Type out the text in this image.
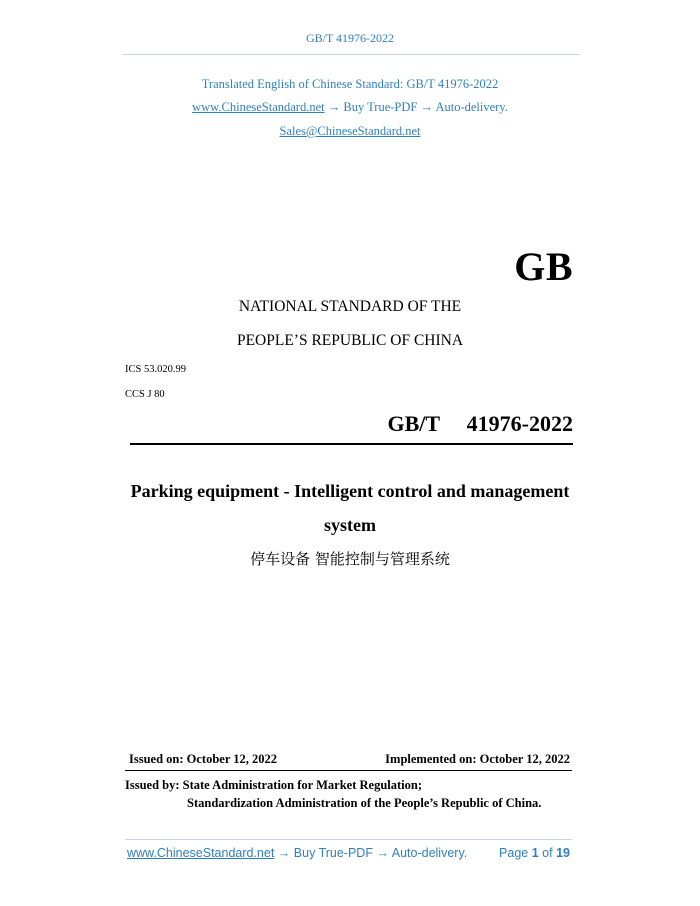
GB/T 41976-2022
Translated English of Chinese Standard: GB/T 41976-2022
www.ChineseStandard.net → Buy True-PDF → Auto-delivery.
Sales@ChineseStandard.net
GB
NATIONAL STANDARD OF THE
PEOPLE’S REPUBLIC OF CHINA
ICS 53.020.99
CCS J 80
GB/T  41976-2022
Parking equipment - Intelligent control and management
system
停车设备 智能控制与管理系统
Issued on: October 12, 2022	Implemented on: October 12, 2022
Issued by: State Administration for Market Regulation;
Standardization Administration of the People’s Republic of China.
www.ChineseStandard.net → Buy True-PDF → Auto-delivery.	Page 1 of 19
